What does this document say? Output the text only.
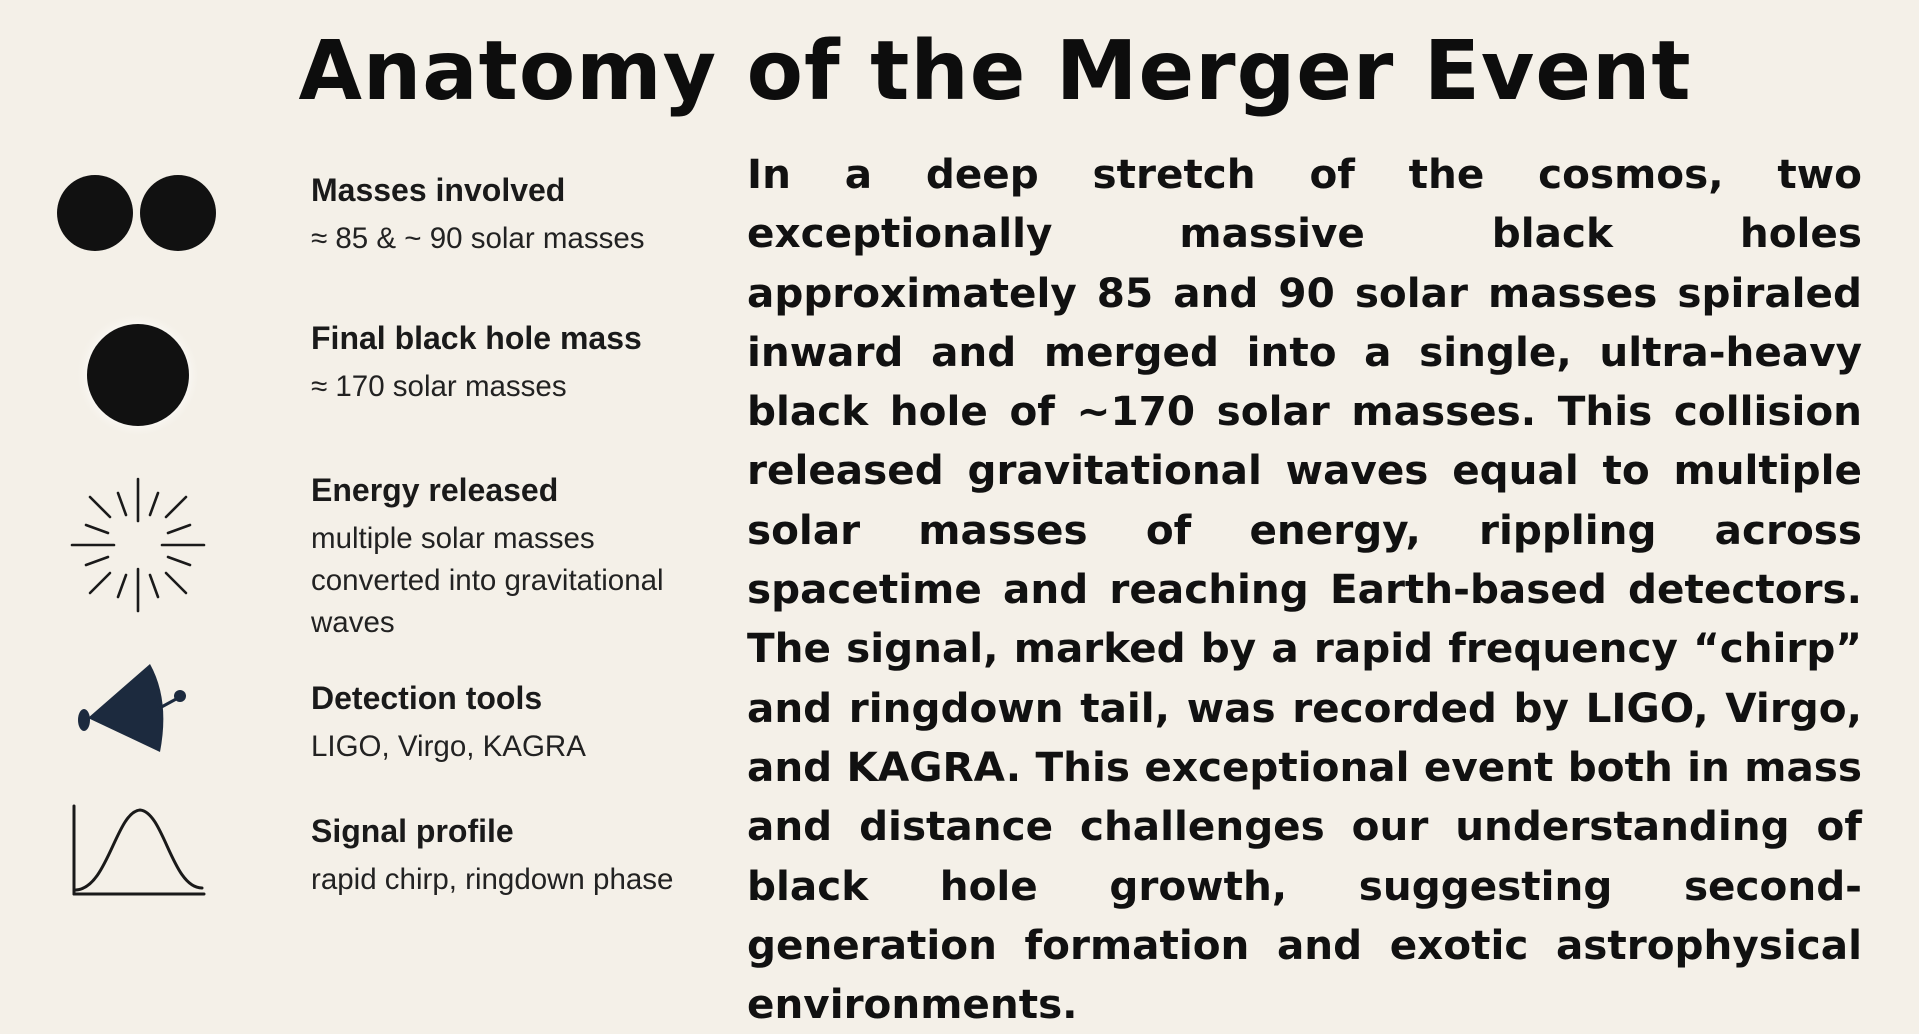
Anatomy of the Merger Event
Masses involved
≈ 85 & ~ 90 solar masses
Final black hole mass
≈ 170 solar masses
Energy released
multiple solar masses converted into gravitational waves
Detection tools
LIGO, Virgo, KAGRA
Signal profile
rapid chirp, ringdown phase

In a deep stretch of the cosmos, two exceptionally massive black holes approximately 85 and 90 solar masses spiraled inward and merged into a single, ultra-heavy black hole of ~170 solar masses. This collision released gravitational waves equal to multiple solar masses of energy, rippling across spacetime and reaching Earth-based detectors. The signal, marked by a rapid frequency “chirp” and ringdown tail, was recorded by LIGO, Virgo, and KAGRA. This exceptional event both in mass and distance challenges our understanding of black hole growth, suggesting second-generation formation and exotic astrophysical environments.
